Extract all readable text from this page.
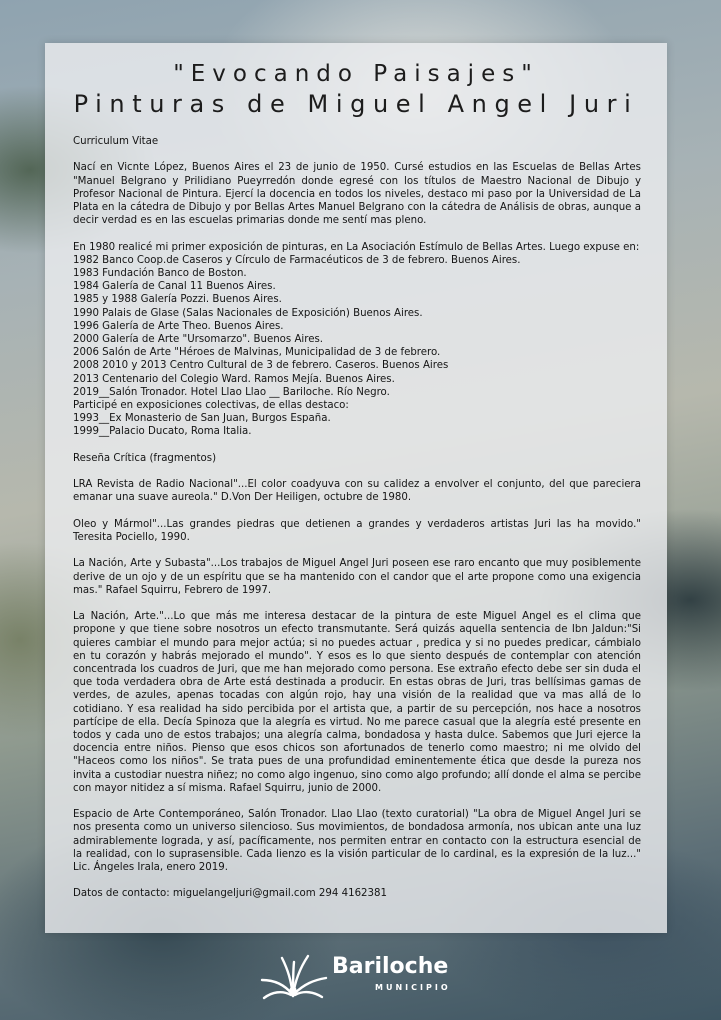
"Evocando Paisajes"
Pinturas de Miguel Angel Juri

Curriculum Vitae

Nací en Vicnte López, Buenos Aires el 23 de junio de 1950. Cursé estudios en las Escuelas de Bellas Artes "Manuel Belgrano y Prilidiano Pueyrredón donde egresé con los títulos de Maestro Nacional de Dibujo y Profesor Nacional de Pintura. Ejercí la docencia en todos los niveles, destaco mi paso por la Universidad de La Plata en la cátedra de Dibujo y por Bellas Artes Manuel Belgrano con la cátedra de Análisis de obras, aunque a decir verdad es en las escuelas primarias donde me sentí mas pleno.

En 1980 realicé mi primer exposición de pinturas, en La Asociación Estímulo de Bellas Artes. Luego expuse en:

1982 Banco Coop.de Caseros y Círculo de Farmacéuticos de 3 de febrero. Buenos Aires.

1983 Fundación Banco de Boston.

1984 Galería de Canal 11 Buenos Aires.

1985 y 1988 Galería Pozzi. Buenos Aires.

1990 Palais de Glase (Salas Nacionales de Exposición) Buenos Aires.

1996 Galería de Arte Theo. Buenos Aires.

2000 Galería de Arte "Ursomarzo". Buenos Aires.

2006 Salón de Arte "Héroes de Malvinas, Municipalidad de 3 de febrero.

2008 2010 y 2013 Centro Cultural de 3 de febrero. Caseros. Buenos Aires

2013 Centenario del Colegio Ward. Ramos Mejía. Buenos Aires.

2019__Salón Tronador. Hotel Llao Llao __ Bariloche. Río Negro.

Participé en exposiciones colectivas, de ellas destaco:

1993__Ex Monasterio de San Juan, Burgos España.

1999__Palacio Ducato, Roma Italia.

Reseña Crítica (fragmentos)

LRA Revista de Radio Nacional"...El color coadyuva con su calidez a envolver el conjunto, del que pareciera emanar una suave aureola." D.Von Der Heiligen, octubre de 1980.

Oleo y Mármol"...Las grandes piedras que detienen a grandes y verdaderos artistas Juri las ha movido." Teresita Pociello, 1990.

La Nación, Arte y Subasta"...Los trabajos de Miguel Angel Juri poseen ese raro encanto que muy posiblemente derive de un ojo y de un espíritu que se ha mantenido con el candor que el arte propone como una exigencia mas." Rafael Squirru, Febrero de 1997.

La Nación, Arte."...Lo que más me interesa destacar de la pintura de este Miguel Angel es el clima que propone y que tiene sobre nosotros un efecto transmutante. Será quizás aquella sentencia de Ibn Jaldun:"Si quieres cambiar el mundo para mejor actúa; si no puedes actuar , predica y si no puedes predicar, cámbialo en tu corazón y habrás mejorado el mundo". Y esos es lo que siento después de contemplar con atención concentrada los cuadros de Juri, que me han mejorado como persona. Ese extraño efecto debe ser sin duda el que toda verdadera obra de Arte está destinada a producir. En estas obras de Juri, tras bellísimas gamas de verdes, de azules, apenas tocadas con algún rojo, hay una visión de la realidad que va mas allá de lo cotidiano. Y esa realidad ha sido percibida por el artista que, a partir de su percepción, nos hace a nosotros partícipe de ella. Decía Spinoza que la alegría es virtud. No me parece casual que la alegría esté presente en todos y cada uno de estos trabajos; una alegría calma, bondadosa y hasta dulce. Sabemos que Juri ejerce la docencia entre niños. Pienso que esos chicos son afortunados de tenerlo como maestro; ni me olvido del "Haceos como los niños". Se trata pues de una profundidad eminentemente ética que desde la pureza nos invita a custodiar nuestra niñez; no como algo ingenuo, sino como algo profundo; allí donde el alma se percibe con mayor nitidez a sí misma. Rafael Squirru, junio de 2000.

Espacio de Arte Contemporáneo, Salón Tronador. Llao Llao (texto curatorial) "La obra de Miguel Angel Juri se nos presenta como un universo silencioso. Sus movimientos, de bondadosa armonía, nos ubican ante una luz admirablemente lograda, y así, pacíficamente, nos permiten entrar en contacto con la estructura esencial de la realidad, con lo suprasensible. Cada lienzo es la visión particular de lo cardinal, es la expresión de la luz..." Lic. Ángeles Irala, enero 2019.

Datos de contacto: miguelangeljuri@gmail.com 294 4162381

Bariloche
MUNICIPIO
